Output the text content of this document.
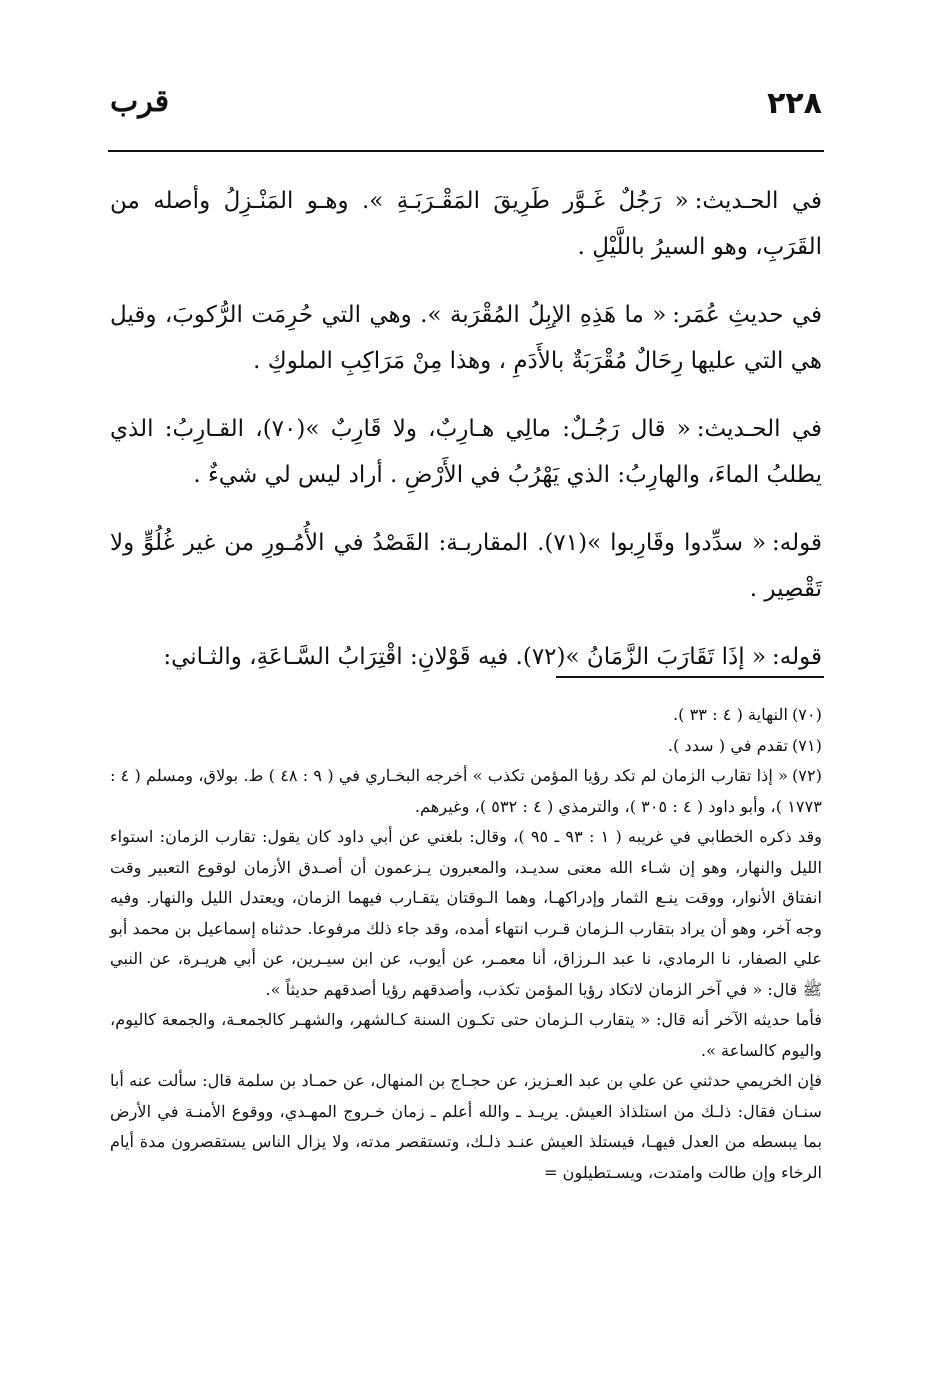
٢٢٨
قرب

في الحـديث:« رَجُلٌ غَـوَّر طَرِيقَ المَقْـرَبَـةِ ». وهـو المَنْـزِلُ وأصله من القَرَبِ، وهو السيرُ باللَّيْلِ .

في حديثِ عُمَر:« ما هَذِهِ الإبِلُ المُقْرَبة ». وهي التي حُرِمَت الرُّكوبَ، وقيل هي التي عليها رِحَالٌ مُقْرَبَةٌ بالأَدَمِ ، وهذا مِنْ مَرَاكِبِ الملوكِ .

في الحـديث:« قال رَجُـلٌ: مالِي هـارِبٌ، ولا قَارِبٌ »(٧٠)، القـارِبُ: الذي يطلبُ الماءَ، والهارِبُ: الذي يَهْرُبُ في الأَرْضِ . أراد ليس لي شيءٌ .

قوله:« سدِّدوا وقَارِبوا »(٧١). المقاربـة: القَصْدُ في الأُمُـورِ من غير غُلُوٍّ ولا تَقْصِير .

قوله:« إذَا تَقَارَبَ الزَّمَانُ »(٧٢). فيه قَوْلانِ: اقْتِرَابُ السَّـاعَةِ، والثـاني:

(٧٠)النهاية ( ٤ : ٣٣ ).

(٧١)تقدم في ( سدد ).

(٧٢)« إذا تقارب الزمان لم تكد رؤيا المؤمن تكذب » أخرجه البخـاري في ( ٩ : ٤٨ ) ط. بولاق، ومسلم ( ٤ : ١٧٧٣ )، وأبو داود ( ٤ : ٣٠٥ )، والترمذي ( ٤ : ٥٣٢ )، وغيرهم.

وقد ذكره الخطابي في غريبه ( ١ : ٩٣ ـ ٩٥ )، وقال: بلغني عن أبي داود كان يقول: تقارب الزمان: استواء الليل والنهار، وهو إن شـاء الله معنى سديـد، والمعبرون يـزعمون أن أصـدق الأزمان لوقوع التعبير وقت انفتاق الأنوار، ووقت ينـع الثمار وإدراكهـا، وهما الـوقتان يتقـارب فيهما الزمان، ويعتدل الليل والنهار. وفيه وجه آخر، وهو أن يراد بتقارب الـزمان قـرب انتهاء أمده، وقد جاء ذلك مرفوعا. حدثناه إسماعيل بن محمد أبو علي الصفار، نا الرمادي، نا عبد الـرزاق، أنا معمـر، عن أيوب، عن ابن سيـرين، عن أبي هريـرة، عن النبي ﷺ قال: « في آخر الزمان لاتكاد رؤيا المؤمن تكذب، وأصدقهم رؤيا أصدقهم حديثاً ».

فأما حديثه الآخر أنه قال: « يتقارب الـزمان حتى تكـون السنة كـالشهر، والشهـر كالجمعـة، والجمعة كاليوم، واليوم كالساعة ».

فإن الخريمي حدثني عن علي بن عبد العـزيز، عن حجـاج بن المنهال، عن حمـاد بن سلمة قال: سألت عنه أبا سنـان فقال: ذلـك من استلذاذ العيش. يريـد ـ والله أعلم ـ زمان خـروج المهـدي، ووقوع الأمنـة في الأرض بما يبسطه من العدل فيهـا، فيستلذ العيش عنـد ذلـك، وتستقصر مدته، ولا يزال الناس يستقصرون مدة أيام الرخاء وإن طالت وامتدت، ويسـتطيلون =
